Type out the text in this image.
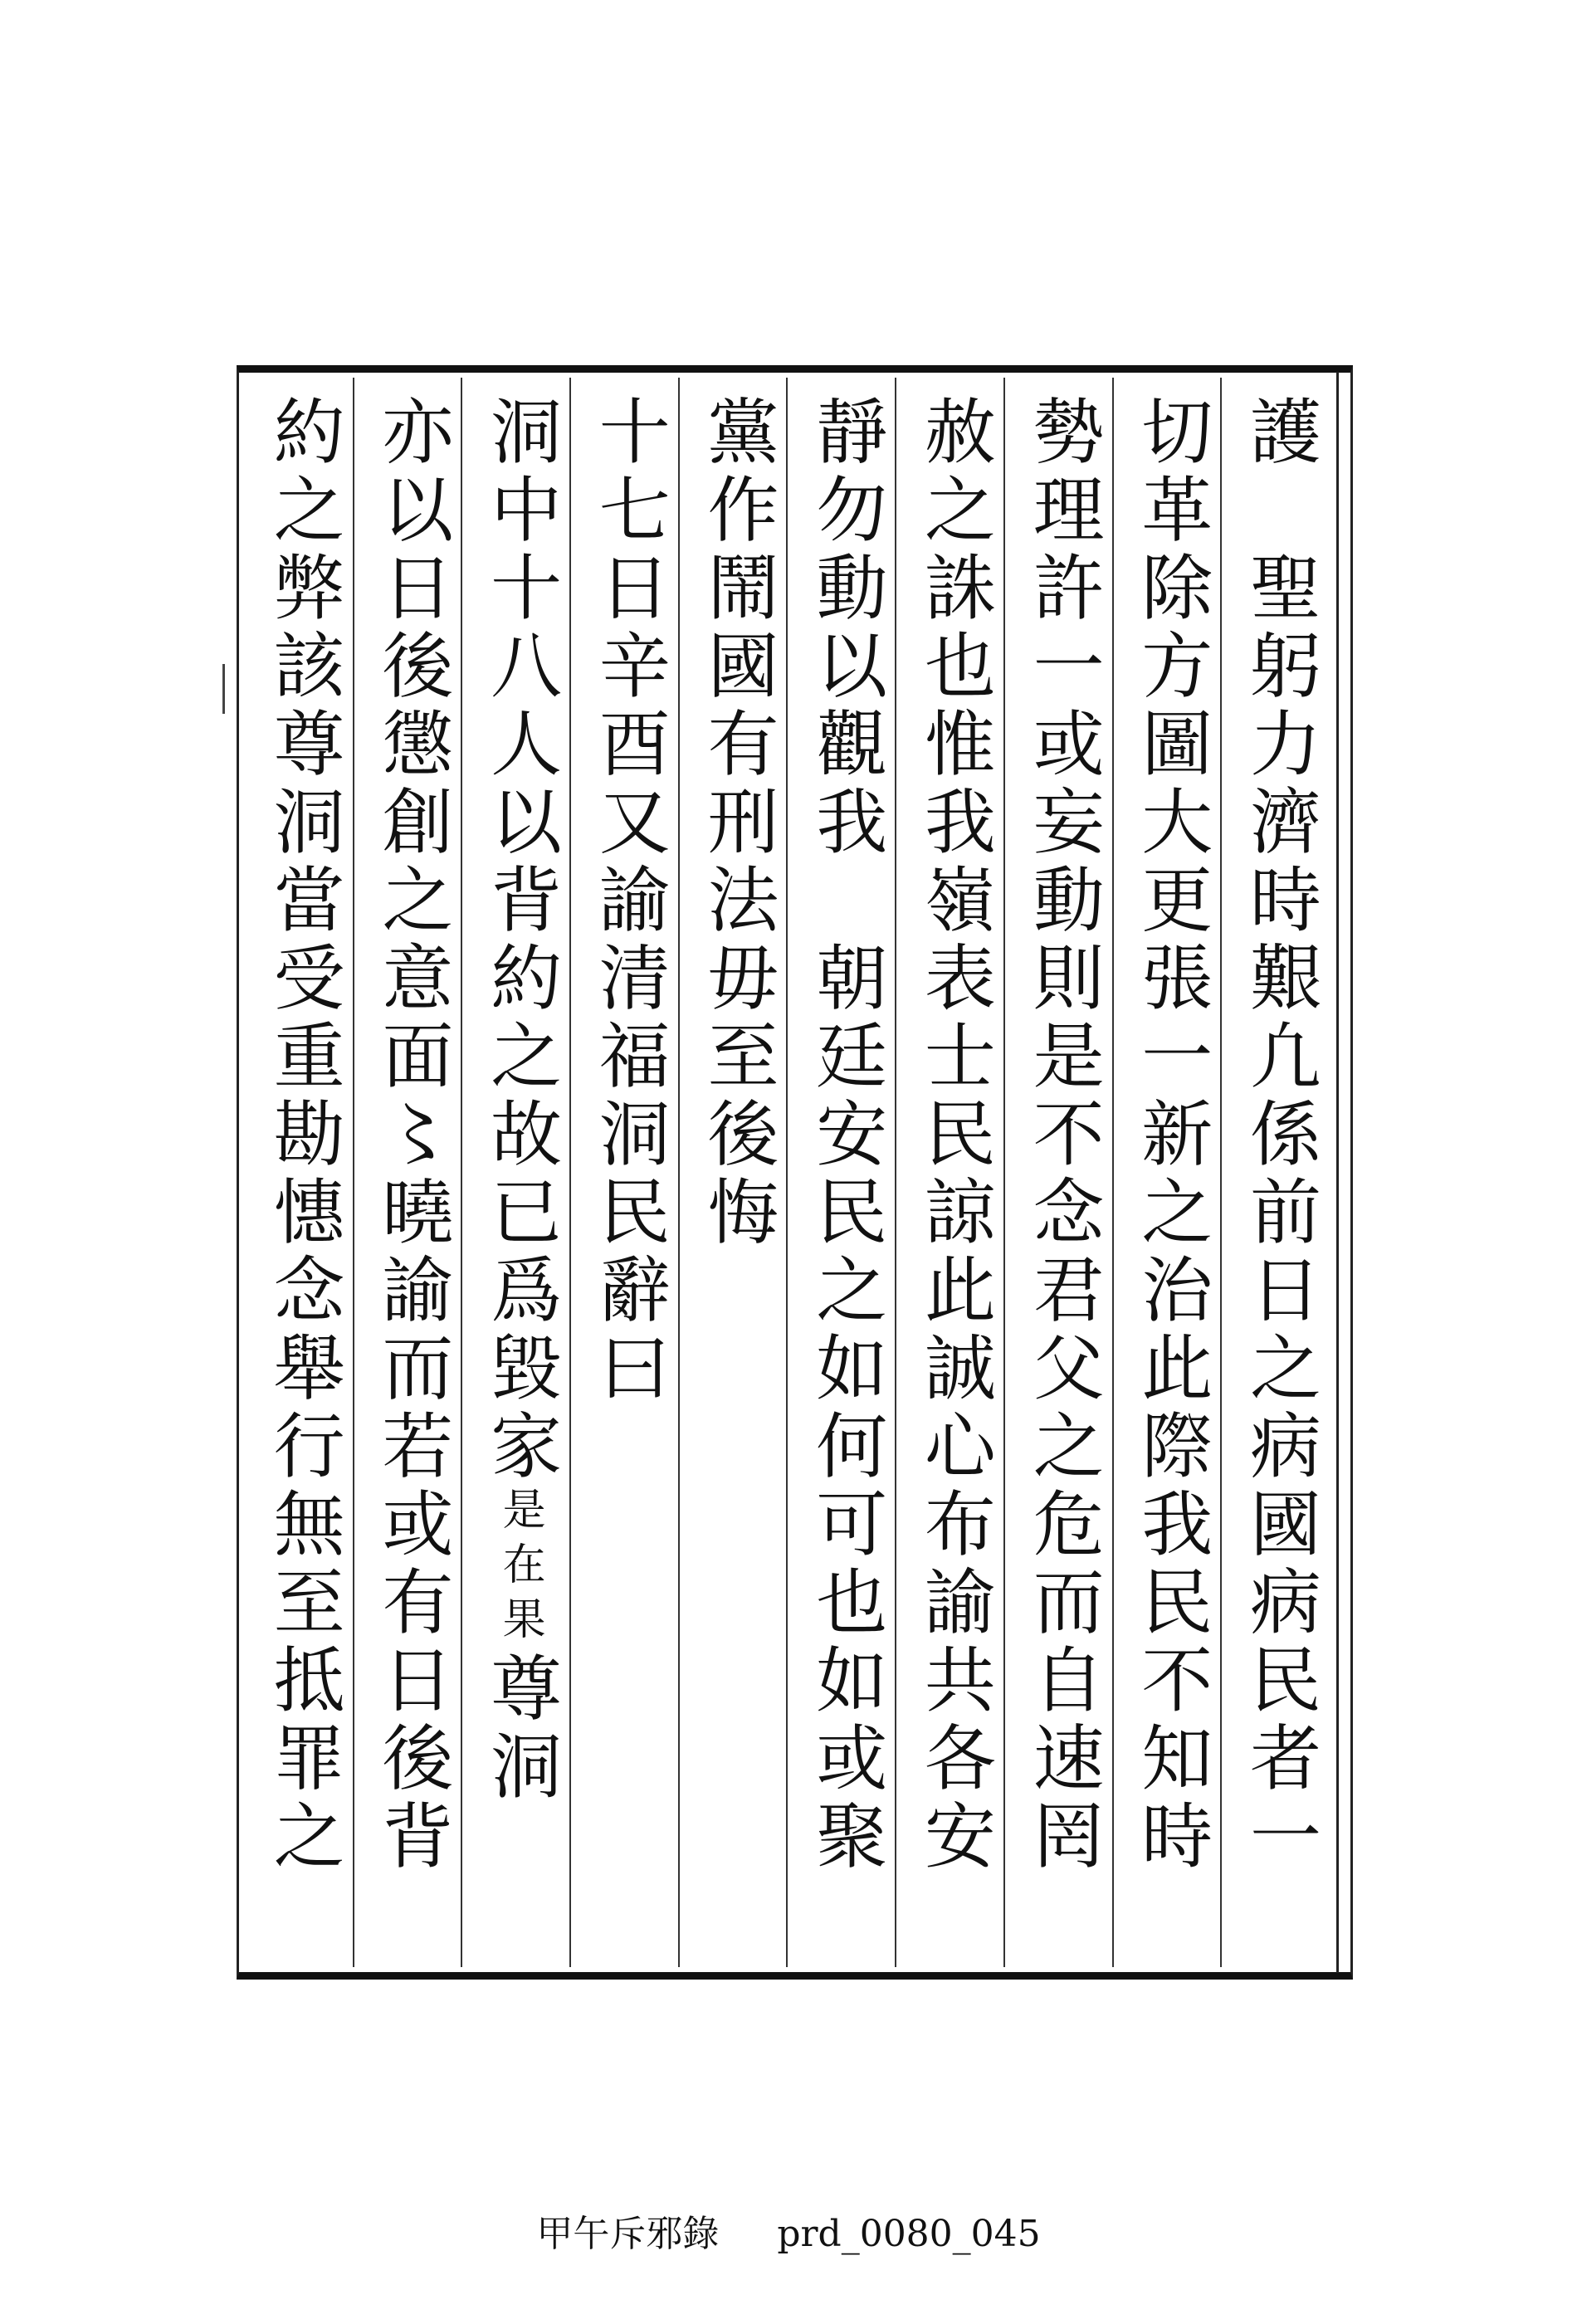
護　聖躬力濟時艱凢係前日之病國病民者一
切革除方圖大更張一新之治此際我民不知時
勢理許一或妄動則是不念君父之危而自速罔
赦之誅也惟我嶺表士民諒此誠心布諭共各安
靜勿動以觀我　朝廷安民之如何可也如或聚
黨作鬧國有刑法毋至後悔
十七日辛酉又諭清福洞民辭曰
洞中十八人以背約之故已爲毀家是在果尊洞
亦以日後懲創之意面〻曉諭而若或有日後背
約之弊該尊洞當受重勘憓念舉行無至抵罪之
甲午斥邪錄 prd_0080_045
